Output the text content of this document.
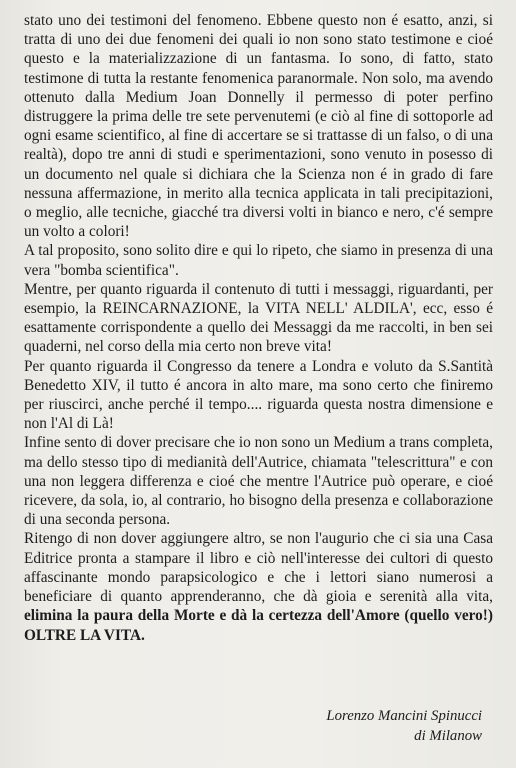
stato uno dei testimoni del fenomeno. Ebbene questo non é esatto, anzi, si tratta di uno dei due fenomeni dei quali io non sono stato testimone e cioé questo e la materializzazione di un fantasma. Io sono, di fatto, stato testimone di tutta la restante fenomenica paranormale. Non solo, ma avendo ottenuto dalla Medium Joan Donnelly il permesso di poter perfino distruggere la prima delle tre sete pervenutemi (e ciò al fine di sottoporle ad ogni esame scientifico, al fine di accertare se si trattasse di un falso, o di una realtà), dopo tre anni di studi e sperimentazioni, sono venuto in posesso di un documento nel quale si dichiara che la Scienza non é in grado di fare nessuna affermazione, in merito alla tecnica applicata in tali precipitazioni, o meglio, alle tecniche, giacché tra diversi volti in bianco e nero, c'é sempre un volto a colori!

A tal proposito, sono solito dire e qui lo ripeto, che siamo in presenza di una vera "bomba scientifica".

Mentre, per quanto riguarda il contenuto di tutti i messaggi, riguardanti, per esempio, la REINCARNAZIONE, la VITA NELL' ALDILA', ecc, esso é esattamente corrispondente a quello dei Messaggi da me raccolti, in ben sei quaderni, nel corso della mia certo non breve vita!

Per quanto riguarda il Congresso da tenere a Londra e voluto da S.Santità Benedetto XIV, il tutto é ancora in alto mare, ma sono certo che finiremo per riuscirci, anche perché il tempo.... riguarda questa nostra dimensione e non l'Al di Là!

Infine sento di dover precisare che io non sono un Medium a trans completa, ma dello stesso tipo di medianità dell'Autrice, chiamata "telescrittura" e con una non leggera differenza e cioé che mentre l'Autrice può operare, e cioé ricevere, da sola, io, al contrario, ho bisogno della presenza e collaborazione di una seconda persona.

Ritengo di non dover aggiungere altro, se non l'augurio che ci sia una Casa Editrice pronta a stampare il libro e ciò nell'interesse dei cultori di questo affascinante mondo parapsicologico e che i lettori siano numerosi a beneficiare di quanto apprenderanno, che dà gioia e serenità alla vita, elimina la paura della Morte e dà la certezza dell'Amore (quello vero!) OLTRE LA VITA.

Lorenzo Mancini Spinucci
di Milanow
